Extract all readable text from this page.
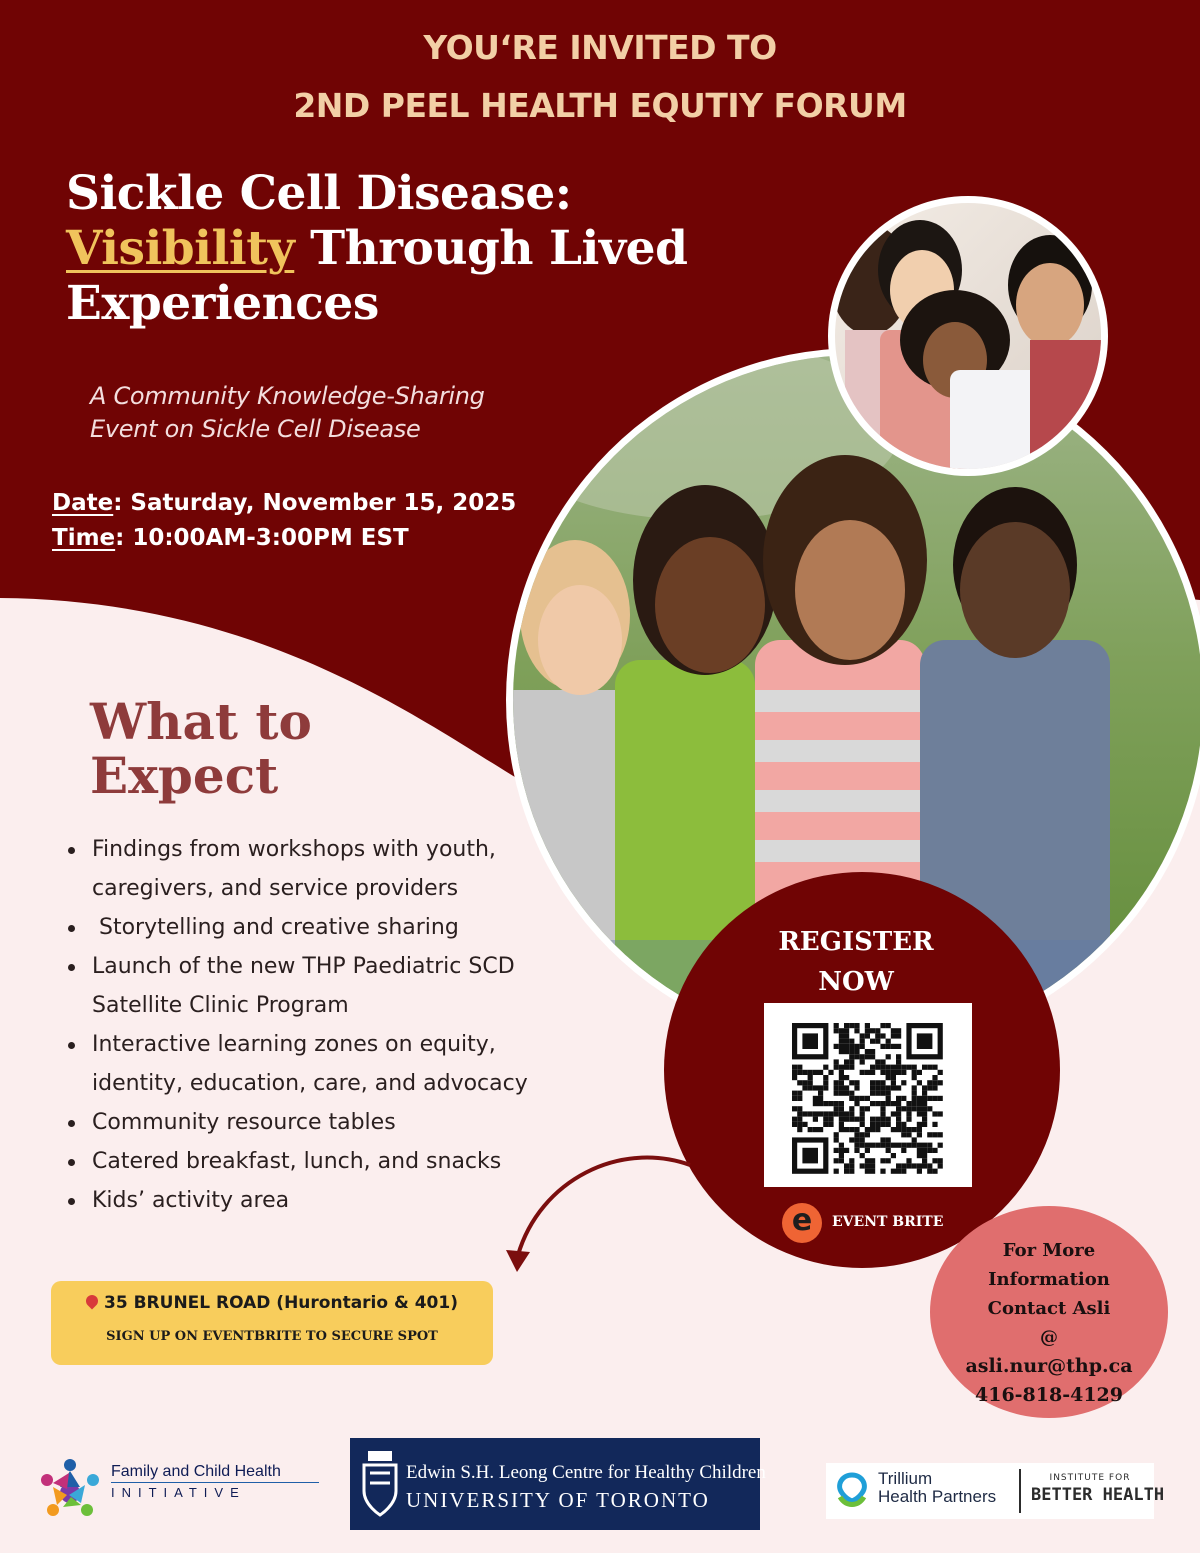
YOU‘RE INVITED TO
2ND PEEL HEALTH EQUTIY FORUM
Sickle Cell Disease:
Visibility Through Lived
Experiences
A Community Knowledge-Sharing
Event on Sickle Cell Disease
Date: Saturday, November 15, 2025
Time: 10:00AM-3:00PM EST
What to
Expect
Findings from workshops with youth, caregivers, and service providers
Storytelling and creative sharing
Launch of the new THP Paediatric SCD Satellite Clinic Program
Interactive learning zones on equity, identity, education, care, and advocacy
Community resource tables
Catered breakfast, lunch, and snacks
Kids’ activity area
35 BRUNEL ROAD (Hurontario & 401)
SIGN UP ON EVENTBRITE TO SECURE SPOT
REGISTER
NOW
e	EVENT BRITE
For More
Information
Contact Asli
@
asli.nur@thp.ca
416-818-4129
Family and Child Health
INITIATIVE
Edwin S.H. Leong Centre for Healthy Children
UNIVERSITY OF TORONTO
Trillium
Health Partners
INSTITUTE FOR
BETTER HEALTH
